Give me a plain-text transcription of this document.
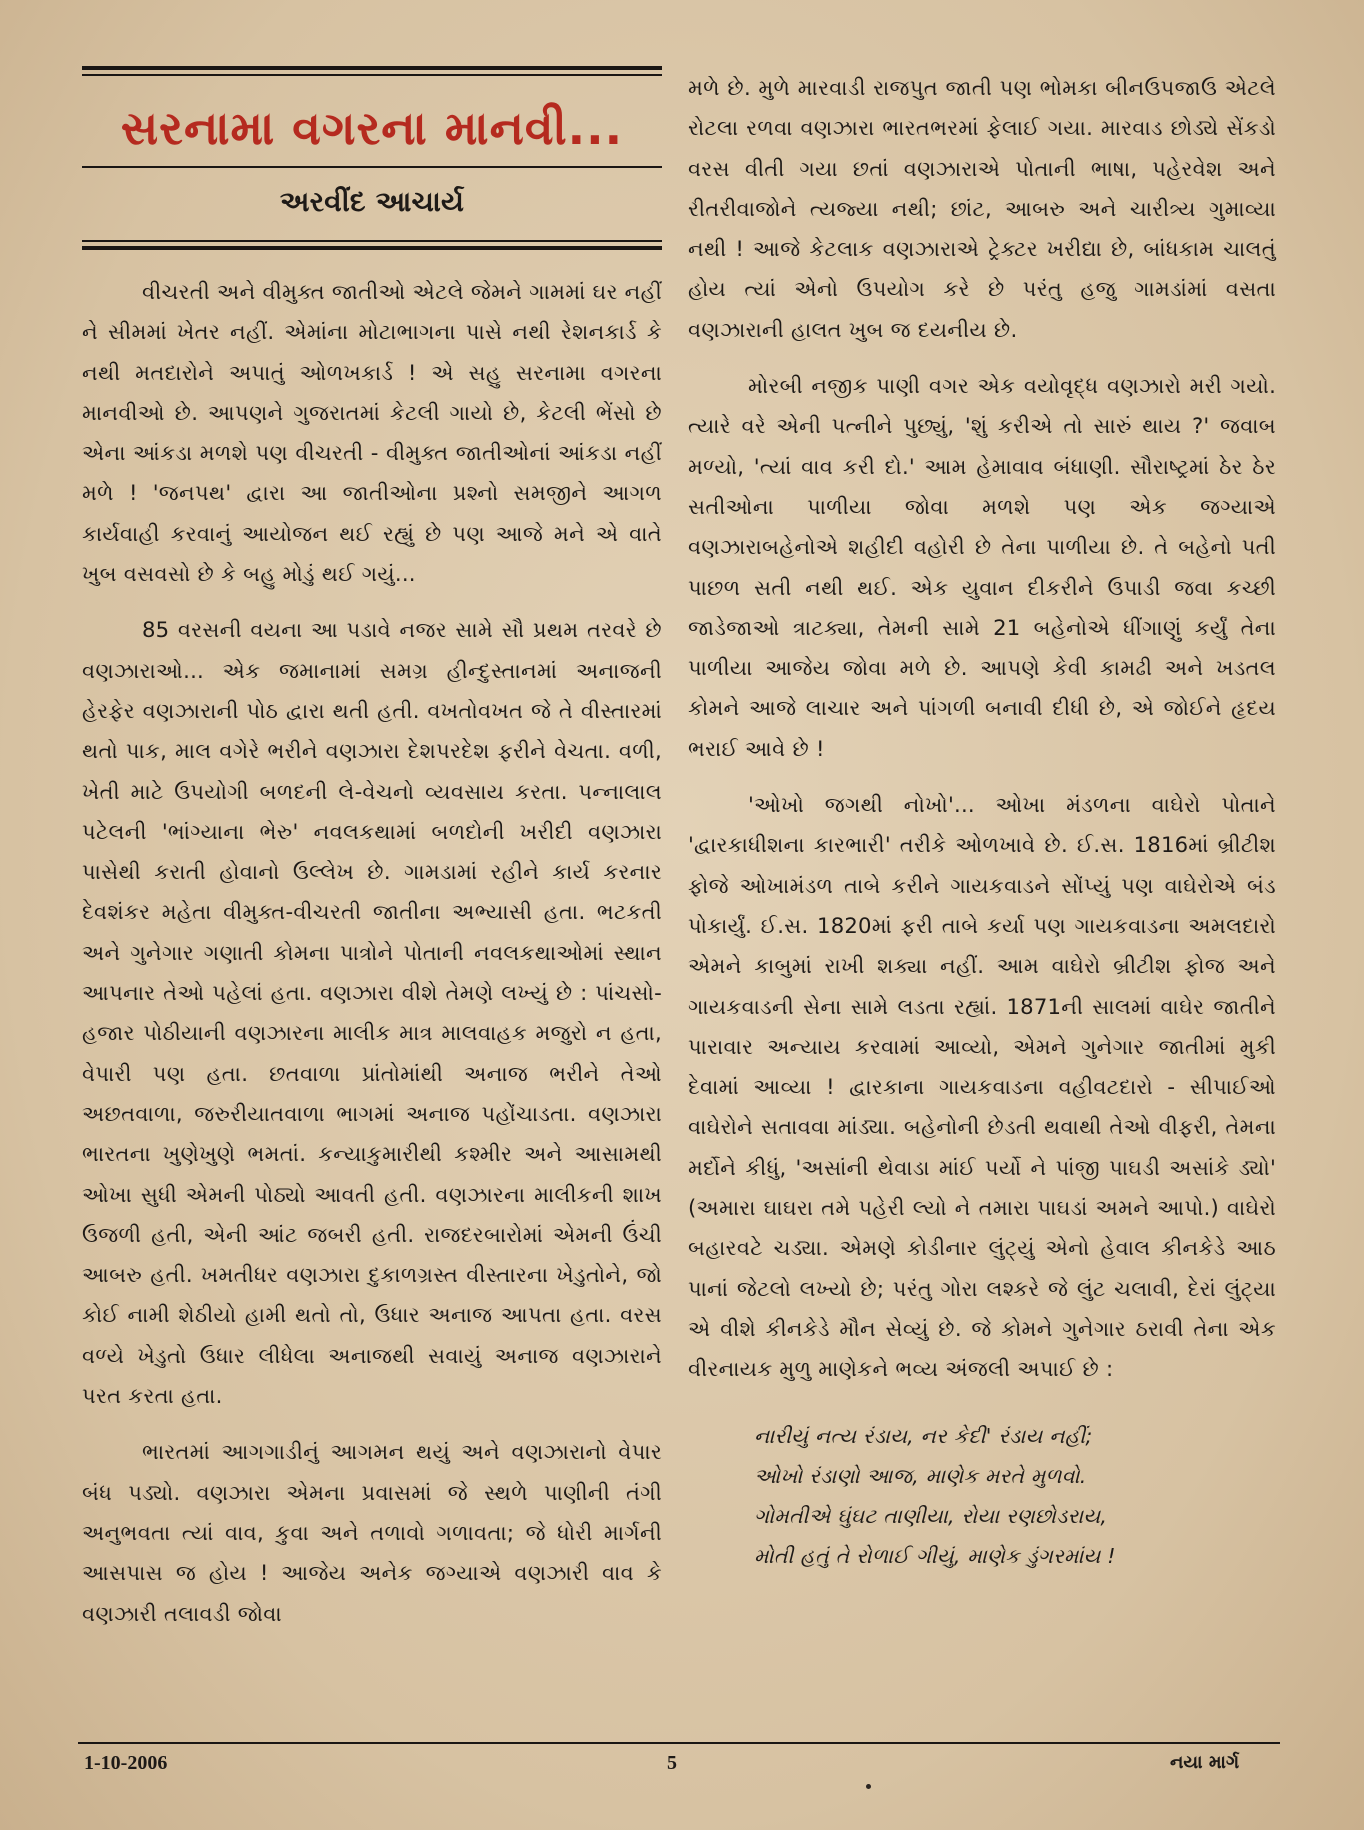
સરનામા વગરના માનવી...
અરવીંદ આચાર્ય

વીચરતી અને વીમુક્ત જાતીઓ એટલે જેમને ગામમાં ઘર નહીં ને સીમમાં ખેતર નહીં. એમાંના મોટાભાગના પાસે નથી રેશનકાર્ડ કે નથી મતદારોને અપાતું ઓળખકાર્ડ ! એ સહુ સરનામા વગરના માનવીઓ છે. આપણને ગુજરાતમાં કેટલી ગાયો છે, કેટલી ભેંસો છે એના આંકડા મળશે પણ વીચરતી - વીમુક્ત જાતીઓનાં આંકડા નહીં મળે ! 'જનપથ' દ્વારા આ જાતીઓના પ્રશ્નો સમજીને આગળ કાર્યવાહી કરવાનું આયોજન થઈ રહ્યું છે પણ આજે મને એ વાતે ખુબ વસવસો છે કે બહુ મોડું થઈ ગયું...

85 વરસની વયના આ પડાવે નજર સામે સૌ પ્રથમ તરવરે છે વણઝારાઓ... એક જમાનામાં સમગ્ર હીન્દુસ્તાનમાં અનાજની હેરફેર વણઝારાની પોઠ દ્વારા થતી હતી. વખતોવખત જે તે વીસ્તારમાં થતો પાક, માલ વગેરે ભરીને વણઝારા દેશપરદેશ ફરીને વેચતા. વળી, ખેતી માટે ઉપયોગી બળદની લે-વેચનો વ્યવસાય કરતા. પન્નાલાલ પટેલની 'ભાંગ્યાના ભેરુ' નવલકથામાં બળદોની ખરીદી વણઝારા પાસેથી કરાતી હોવાનો ઉલ્લેખ છે. ગામડામાં રહીને કાર્ય કરનાર દેવશંકર મહેતા વીમુક્ત-વીચરતી જાતીના અભ્યાસી હતા. ભટકતી અને ગુનેગાર ગણાતી કોમના પાત્રોને પોતાની નવલકથાઓમાં સ્થાન આપનાર તેઓ પહેલાં હતા. વણઝારા વીશે તેમણે લખ્યું છે : પાંચસો-હજાર પોઠીયાની વણઝારના માલીક માત્ર માલવાહક મજુરો ન હતા, વેપારી પણ હતા. છતવાળા પ્રાંતોમાંથી અનાજ ભરીને તેઓ અછતવાળા, જરુરીયાતવાળા ભાગમાં અનાજ પહોંચાડતા. વણઝારા ભારતના ખુણેખુણે ભમતાં. કન્યાકુમારીથી કશ્મીર અને આસામથી ઓખા સુધી એમની પોઠ્યો આવતી હતી. વણઝારના માલીકની શાખ ઉજળી હતી, એની આંટ જબરી હતી. રાજદરબારોમાં એમની ઉંચી આબરુ હતી. ખમતીધર વણઝારા દુકાળગ્રસ્ત વીસ્તારના ખેડુતોને, જો કોઈ નામી શેઠીયો હામી થતો તો, ઉધાર અનાજ આપતા હતા. વરસ વળ્યે ખેડુતો ઉધાર લીધેલા અનાજથી સવાયું અનાજ વણઝારાને પરત કરતા હતા.

ભારતમાં આગગાડીનું આગમન થયું અને વણઝારાનો વેપાર બંધ પડ્યો. વણઝારા એમના પ્રવાસમાં જે સ્થળે પાણીની તંગી અનુભવતા ત્યાં વાવ, કુવા અને તળાવો ગળાવતા; જે ધોરી માર્ગની આસપાસ જ હોય ! આજેય અનેક જગ્યાએ વણઝારી વાવ કે વણઝારી તલાવડી જોવા

મળે છે. મુળે મારવાડી રાજપુત જાતી પણ ભોમકા બીનઉપજાઉ એટલે રોટલા રળવા વણઝારા ભારતભરમાં ફેલાઈ ગયા. મારવાડ છોડ્યે સેંકડો વરસ વીતી ગયા છતાં વણઝારાએ પોતાની ભાષા, પહેરવેશ અને રીતરીવાજોને ત્યજ્યા નથી; છાંટ, આબરુ અને ચારીત્ર્ય ગુમાવ્યા નથી ! આજે કેટલાક વણઝારાએ ટ્રેક્ટર ખરીદ્યા છે, બાંધકામ ચાલતું હોય ત્યાં એનો ઉપયોગ કરે છે પરંતુ હજુ ગામડાંમાં વસતા વણઝારાની હાલત ખુબ જ દયનીય છે.

મોરબી નજીક પાણી વગર એક વયોવૃદ્ધ વણઝારો મરી ગયો. ત્યારે વરે એની પત્નીને પુછ્યું, 'શું કરીએ તો સારું થાય ?' જવાબ મળ્યો, 'ત્યાં વાવ કરી દો.' આમ હેમાવાવ બંધાણી. સૌરાષ્ટ્રમાં ઠેર ઠેર સતીઓના પાળીયા જોવા મળશે પણ એક જગ્યાએ વણઝારાબહેનોએ શહીદી વહોરી છે તેના પાળીયા છે. તે બહેનો પતી પાછળ સતી નથી થઈ. એક યુવાન દીકરીને ઉપાડી જવા કચ્છી જાડેજાઓ ત્રાટક્યા, તેમની સામે 21 બહેનોએ ધીંગાણું કર્યું તેના પાળીયા આજેય જોવા મળે છે. આપણે કેવી કામઢી અને ખડતલ કોમને આજે લાચાર અને પાંગળી બનાવી દીધી છે, એ જોઈને હૃદય ભરાઈ આવે છે !

'ઓખો જગથી નોખો'... ઓખા મંડળના વાઘેરો પોતાને 'દ્વારકાધીશના કારભારી' તરીકે ઓળખાવે છે. ઈ.સ. 1816માં બ્રીટીશ ફોજે ઓખામંડળ તાબે કરીને ગાયકવાડને સોંપ્યું પણ વાઘેરોએ બંડ પોકાર્યું. ઈ.સ. 1820માં ફરી તાબે કર્યા પણ ગાયકવાડના અમલદારો એમને કાબુમાં રાખી શક્યા નહીં. આમ વાઘેરો બ્રીટીશ ફોજ અને ગાયકવાડની સેના સામે લડતા રહ્યાં. 1871ની સાલમાં વાઘેર જાતીને પારાવાર અન્યાય કરવામાં આવ્યો, એમને ગુનેગાર જાતીમાં મુકી દેવામાં આવ્યા ! દ્વારકાના ગાયકવાડના વહીવટદારો - સીપાઈઓ વાઘેરોને સતાવવા માંડ્યા. બહેનોની છેડતી થવાથી તેઓ વીફરી, તેમના મર્દોને કીધું, 'અસાંની થેવાડા માંઈ પર્યો ને પાંજી પાઘડી અસાંકે ડ્યો' (અમારા ઘાઘરા તમે પહેરી લ્યો ને તમારા પાઘડાં અમને આપો.) વાઘેરો બહારવટે ચડ્યા. એમણે કોડીનાર લુંટ્યું એનો હેવાલ કીનકેડે આઠ પાનાં જેટલો લખ્યો છે; પરંતુ ગોરા લશ્કરે જે લુંટ ચલાવી, દેરાં લુંટ્યા એ વીશે કીનકેડે મૌન સેવ્યું છે. જે કોમને ગુનેગાર ઠરાવી તેના એક વીરનાયક મુળુ માણેકને ભવ્ય અંજલી અપાઈ છે :

નારીયું નત્ય રંડાય, નર કેદી' રંડાય નહીં;
ઓખો રંડાણો આજ, માણેક મરતે મુળવો.
ગોમતીએ ઘુંઘટ તાણીયા, રોયા રણછોડરાય,
મોતી હતું તે રોળાઈ ગીયું, માણેક ડુંગરમાંય !
1-10-2006	5	નયા માર્ગ
